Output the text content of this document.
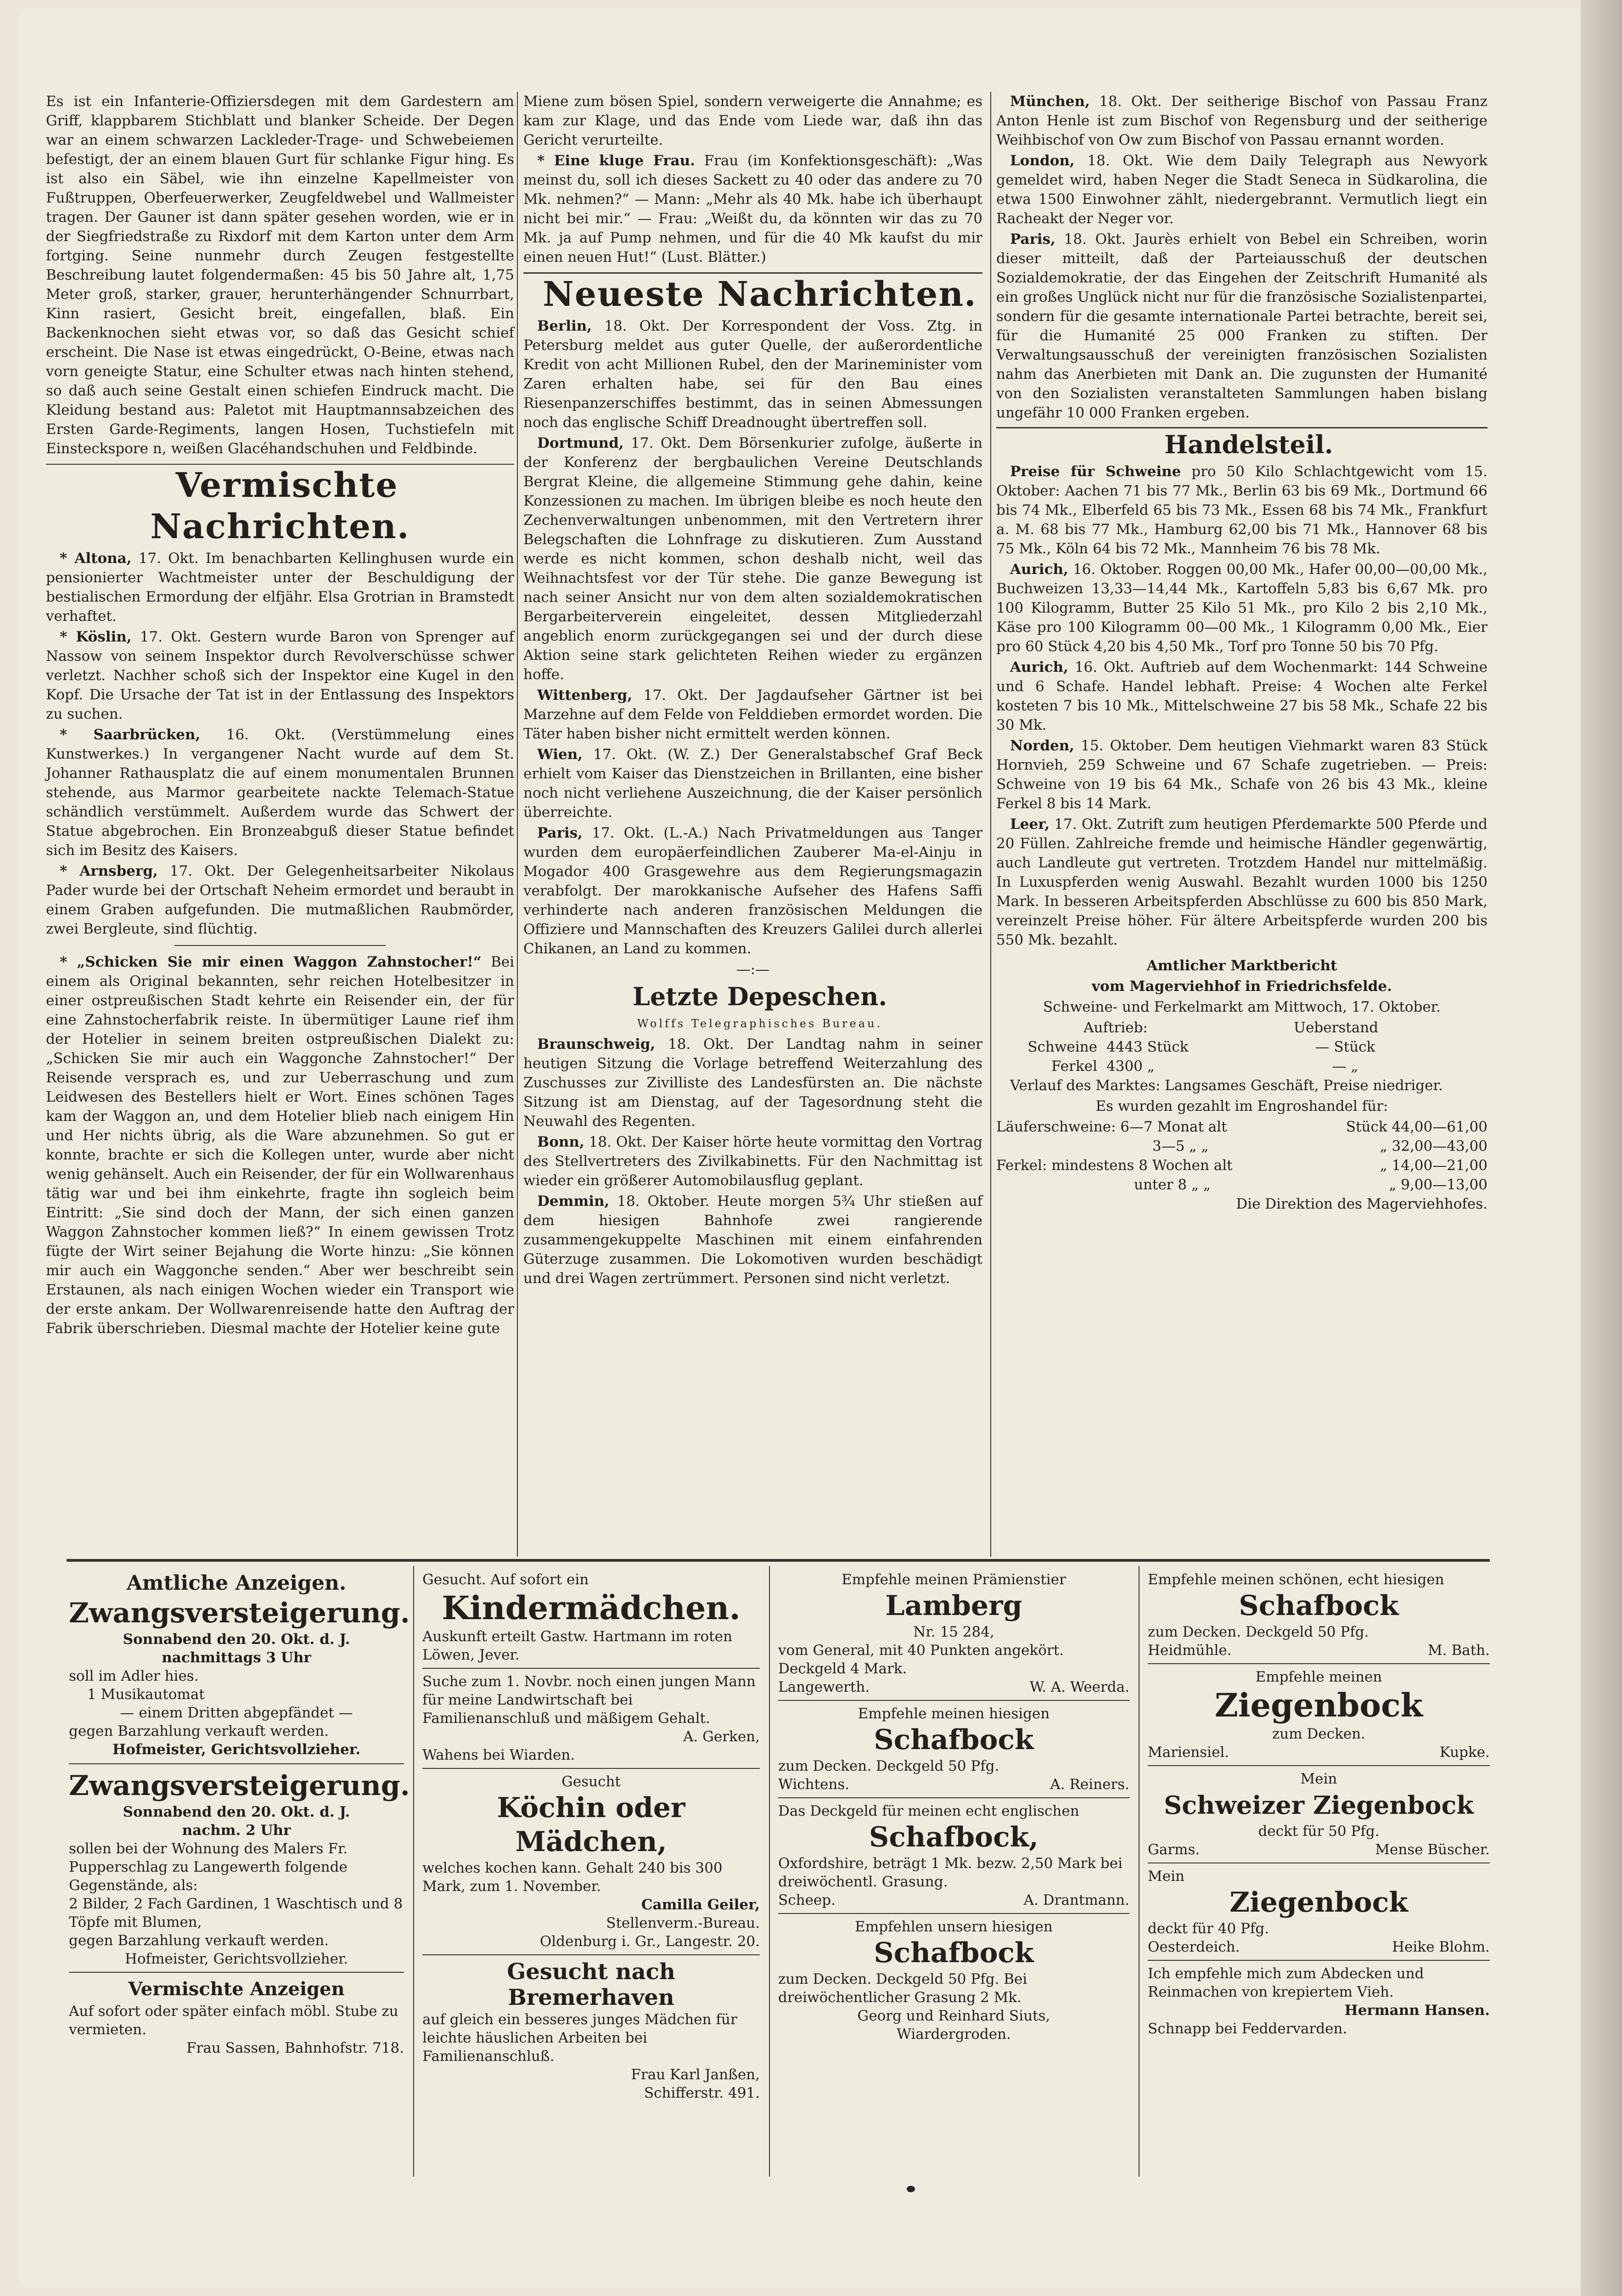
Es ist ein Infanterie-Offiziersdegen mit dem Gardestern am Griff, klappbarem Stichblatt und blanker Scheide. Der Degen war an einem schwarzen Lackleder-Trage- und Schwebeiemen befestigt, der an einem blauen Gurt für schlanke Figur hing. Es ist also ein Säbel, wie ihn einzelne Kapellmeister von Fußtruppen, Oberfeuerwerker, Zeugfeldwebel und Wallmeister tragen. Der Gauner ist dann später gesehen worden, wie er in der Siegfriedstraße zu Rixdorf mit dem Karton unter dem Arm fortging. Seine nunmehr durch Zeugen festgestellte Beschreibung lautet folgendermaßen: 45 bis 50 Jahre alt, 1,75 Meter groß, starker, grauer, herunterhängender Schnurrbart, Kinn rasiert, Gesicht breit, eingefallen, blaß. Ein Backenknochen sieht etwas vor, so daß das Gesicht schief erscheint. Die Nase ist etwas eingedrückt, O-Beine, etwas nach vorn geneigte Statur, eine Schulter etwas nach hinten stehend, so daß auch seine Gestalt einen schiefen Eindruck macht. Die Kleidung bestand aus: Paletot mit Hauptmannsabzeichen des Ersten Garde-Regiments, langen Hosen, Tuchstiefeln mit Einsteckspore n, weißen Glacéhandschuhen und Feldbinde.

Vermischte Nachrichten.

* Altona, 17. Okt. Im benachbarten Kellinghusen wurde ein pensionierter Wachtmeister unter der Beschuldigung der bestialischen Ermordung der elfjähr. Elsa Grotrian in Bramstedt verhaftet.

* Köslin, 17. Okt. Gestern wurde Baron von Sprenger auf Nassow von seinem Inspektor durch Revolverschüsse schwer verletzt. Nachher schoß sich der Inspektor eine Kugel in den Kopf. Die Ursache der Tat ist in der Entlassung des Inspektors zu suchen.

* Saarbrücken, 16. Okt. (Verstümmelung eines Kunstwerkes.) In vergangener Nacht wurde auf dem St. Johanner Rathausplatz die auf einem monumentalen Brunnen stehende, aus Marmor gearbeitete nackte Telemach-Statue schändlich verstümmelt. Außerdem wurde das Schwert der Statue abgebrochen. Ein Bronzeabguß dieser Statue befindet sich im Besitz des Kaisers.

* Arnsberg, 17. Okt. Der Gelegenheitsarbeiter Nikolaus Pader wurde bei der Ortschaft Neheim ermordet und beraubt in einem Graben aufgefunden. Die mutmaßlichen Raubmörder, zwei Bergleute, sind flüchtig.

* „Schicken Sie mir einen Waggon Zahnstocher!“ Bei einem als Original bekannten, sehr reichen Hotelbesitzer in einer ostpreußischen Stadt kehrte ein Reisender ein, der für eine Zahnstocherfabrik reiste. In übermütiger Laune rief ihm der Hotelier in seinem breiten ostpreußischen Dialekt zu: „Schicken Sie mir auch ein Waggonche Zahnstocher!“ Der Reisende versprach es, und zur Ueberraschung und zum Leidwesen des Bestellers hielt er Wort. Eines schönen Tages kam der Waggon an, und dem Hotelier blieb nach einigem Hin und Her nichts übrig, als die Ware abzunehmen. So gut er konnte, brachte er sich die Kollegen unter, wurde aber nicht wenig gehänselt. Auch ein Reisender, der für ein Wollwarenhaus tätig war und bei ihm einkehrte, fragte ihn sogleich beim Eintritt: „Sie sind doch der Mann, der sich einen ganzen Waggon Zahnstocher kommen ließ?“ In einem gewissen Trotz fügte der Wirt seiner Bejahung die Worte hinzu: „Sie können mir auch ein Waggonche senden.“ Aber wer beschreibt sein Erstaunen, als nach einigen Wochen wieder ein Transport wie der erste ankam. Der Wollwarenreisende hatte den Auftrag der Fabrik überschrieben. Diesmal machte der Hotelier keine gute

Miene zum bösen Spiel, sondern verweigerte die Annahme; es kam zur Klage, und das Ende vom Liede war, daß ihn das Gericht verurteilte.

* Eine kluge Frau. Frau (im Konfektionsgeschäft): „Was meinst du, soll ich dieses Sackett zu 40 oder das andere zu 70 Mk. nehmen?“ — Mann: „Mehr als 40 Mk. habe ich überhaupt nicht bei mir.“ — Frau: „Weißt du, da könnten wir das zu 70 Mk. ja auf Pump nehmen, und für die 40 Mk kaufst du mir einen neuen Hut!“ (Lust. Blätter.)

Neueste Nachrichten.

Berlin, 18. Okt. Der Korrespondent der Voss. Ztg. in Petersburg meldet aus guter Quelle, der außerordentliche Kredit von acht Millionen Rubel, den der Marineminister vom Zaren erhalten habe, sei für den Bau eines Riesenpanzerschiffes bestimmt, das in seinen Abmessungen noch das englische Schiff Dreadnought übertreffen soll.

Dortmund, 17. Okt. Dem Börsenkurier zufolge, äußerte in der Konferenz der bergbaulichen Vereine Deutschlands Bergrat Kleine, die allgemeine Stimmung gehe dahin, keine Konzessionen zu machen. Im übrigen bleibe es noch heute den Zechenverwaltungen unbenommen, mit den Vertretern ihrer Belegschaften die Lohnfrage zu diskutieren. Zum Ausstand werde es nicht kommen, schon deshalb nicht, weil das Weihnachtsfest vor der Tür stehe. Die ganze Bewegung ist nach seiner Ansicht nur von dem alten sozialdemokratischen Bergarbeiterverein eingeleitet, dessen Mitgliederzahl angeblich enorm zurückgegangen sei und der durch diese Aktion seine stark gelichteten Reihen wieder zu ergänzen hoffe.

Wittenberg, 17. Okt. Der Jagdaufseher Gärtner ist bei Marzehne auf dem Felde von Felddieben ermordet worden. Die Täter haben bisher nicht ermittelt werden können.

Wien, 17. Okt. (W. Z.) Der Generalstabschef Graf Beck erhielt vom Kaiser das Dienstzeichen in Brillanten, eine bisher noch nicht verliehene Auszeichnung, die der Kaiser persönlich überreichte.

Paris, 17. Okt. (L.-A.) Nach Privatmeldungen aus Tanger wurden dem europäerfeindlichen Zauberer Ma-el-Ainju in Mogador 400 Grasgewehre aus dem Regierungsmagazin verabfolgt. Der marokkanische Aufseher des Hafens Saffi verhinderte nach anderen französischen Meldungen die Offiziere und Mannschaften des Kreuzers Galilei durch allerlei Chikanen, an Land zu kommen.

—:—

Letzte Depeschen.

Wolffs Telegraphisches Bureau.

Braunschweig, 18. Okt. Der Landtag nahm in seiner heutigen Sitzung die Vorlage betreffend Weiterzahlung des Zuschusses zur Zivilliste des Landesfürsten an. Die nächste Sitzung ist am Dienstag, auf der Tagesordnung steht die Neuwahl des Regenten.

Bonn, 18. Okt. Der Kaiser hörte heute vormittag den Vortrag des Stellvertreters des Zivilkabinetts. Für den Nachmittag ist wieder ein größerer Automobilausflug geplant.

Demmin, 18. Oktober. Heute morgen 5¾ Uhr stießen auf dem hiesigen Bahnhofe zwei rangierende zusammengekuppelte Maschinen mit einem einfahrenden Güterzuge zusammen. Die Lokomotiven wurden beschädigt und drei Wagen zertrümmert. Personen sind nicht verletzt.

München, 18. Okt. Der seitherige Bischof von Passau Franz Anton Henle ist zum Bischof von Regensburg und der seitherige Weihbischof von Ow zum Bischof von Passau ernannt worden.

London, 18. Okt. Wie dem Daily Telegraph aus Newyork gemeldet wird, haben Neger die Stadt Seneca in Südkarolina, die etwa 1500 Einwohner zählt, niedergebrannt. Vermutlich liegt ein Racheakt der Neger vor.

Paris, 18. Okt. Jaurès erhielt von Bebel ein Schreiben, worin dieser mitteilt, daß der Parteiausschuß der deutschen Sozialdemokratie, der das Eingehen der Zeitschrift Humanité als ein großes Unglück nicht nur für die französische Sozialistenpartei, sondern für die gesamte internationale Partei betrachte, bereit sei, für die Humanité 25 000 Franken zu stiften. Der Verwaltungsausschuß der vereinigten französischen Sozialisten nahm das Anerbieten mit Dank an. Die zugunsten der Humanité von den Sozialisten veranstalteten Sammlungen haben bislang ungefähr 10 000 Franken ergeben.

Handelsteil.

Preise für Schweine pro 50 Kilo Schlachtgewicht vom 15. Oktober: Aachen 71 bis 77 Mk., Berlin 63 bis 69 Mk., Dortmund 66 bis 74 Mk., Elberfeld 65 bis 73 Mk., Essen 68 bis 74 Mk., Frankfurt a. M. 68 bis 77 Mk., Hamburg 62,00 bis 71 Mk., Hannover 68 bis 75 Mk., Köln 64 bis 72 Mk., Mannheim 76 bis 78 Mk.

Aurich, 16. Oktober. Roggen 00,00 Mk., Hafer 00,00—00,00 Mk., Buchweizen 13,33—14,44 Mk., Kartoffeln 5,83 bis 6,67 Mk. pro 100 Kilogramm, Butter 25 Kilo 51 Mk., pro Kilo 2 bis 2,10 Mk., Käse pro 100 Kilogramm 00—00 Mk., 1 Kilogramm 0,00 Mk., Eier pro 60 Stück 4,20 bis 4,50 Mk., Torf pro Tonne 50 bis 70 Pfg.

Aurich, 16. Okt. Auftrieb auf dem Wochenmarkt: 144 Schweine und 6 Schafe. Handel lebhaft. Preise: 4 Wochen alte Ferkel kosteten 7 bis 10 Mk., Mittelschweine 27 bis 58 Mk., Schafe 22 bis 30 Mk.

Norden, 15. Oktober. Dem heutigen Viehmarkt waren 83 Stück Hornvieh, 259 Schweine und 67 Schafe zugetrieben. — Preis: Schweine von 19 bis 64 Mk., Schafe von 26 bis 43 Mk., kleine Ferkel 8 bis 14 Mark.

Leer, 17. Okt. Zutrift zum heutigen Pferdemarkte 500 Pferde und 20 Füllen. Zahlreiche fremde und heimische Händler gegenwärtig, auch Landleute gut vertreten. Trotzdem Handel nur mittelmäßig. In Luxuspferden wenig Auswahl. Bezahlt wurden 1000 bis 1250 Mark. In besseren Arbeitspferden Abschlüsse zu 600 bis 850 Mark, vereinzelt Preise höher. Für ältere Arbeitspferde wurden 200 bis 550 Mk. bezahlt.

Amtlicher Marktbericht

vom Magerviehhof in Friedrichsfelde.

Schweine- und Ferkelmarkt am Mittwoch, 17. Oktober.

Auftrieb:	Ueberstand
Schweine 4443 Stück	— Stück
Ferkel 4300 „	— „

Verlauf des Marktes: Langsames Geschäft, Preise niedriger.

Es wurden gezahlt im Engroshandel für:

Läuferschweine: 6—7 Monat alt	Stück 44,00—61,00
3—5 „ „	„ 32,00—43,00
Ferkel: mindestens 8 Wochen alt	„ 14,00—21,00
unter 8 „ „	„ 9,00—13,00

Die Direktion des Magerviehhofes.

Amtliche Anzeigen.
Zwangsversteigerung.
Sonnabend den 20. Okt. d. J.
nachmittags 3 Uhr
soll im Adler hies.
1 Musikautomat
— einem Dritten abgepfändet —
gegen Barzahlung verkauft werden.
Hofmeister, Gerichtsvollzieher.
Zwangsversteigerung.
Sonnabend den 20. Okt. d. J.
nachm. 2 Uhr
sollen bei der Wohnung des Malers Fr. Pupperschlag zu Langewerth folgende Gegenstände, als:
2 Bilder, 2 Fach Gardinen, 1 Waschtisch und 8 Töpfe mit Blumen,
gegen Barzahlung verkauft werden.
Hofmeister, Gerichtsvollzieher.
Vermischte Anzeigen
Auf sofort oder später einfach möbl. Stube zu vermieten.
Frau Sassen, Bahnhofstr. 718.
Gesucht. Auf sofort ein
Kindermädchen.
Auskunft erteilt Gastw. Hartmann im roten Löwen, Jever.
Suche zum 1. Novbr. noch einen jungen Mann für meine Landwirtschaft bei Familienanschluß und mäßigem Gehalt.
A. Gerken,
Wahens bei Wiarden.
Gesucht
Köchin oder Mädchen,
welches kochen kann. Gehalt 240 bis 300 Mark, zum 1. November.
Camilla Geiler,
Stellenverm.-Bureau.
Oldenburg i. Gr., Langestr. 20.
Gesucht nach Bremerhaven
auf gleich ein besseres junges Mädchen für leichte häuslichen Arbeiten bei Familienanschluß.
Frau Karl Janßen,
Schifferstr. 491.
Empfehle meinen Prämienstier
Lamberg
Nr. 15 284,
vom General, mit 40 Punkten angekört. Deckgeld 4 Mark.
Langewerth.	W. A. Weerda.
Empfehle meinen hiesigen
Schafbock
zum Decken. Deckgeld 50 Pfg.
Wichtens.	A. Reiners.
Das Deckgeld für meinen echt englischen
Schafbock,
Oxfordshire, beträgt 1 Mk. bezw. 2,50 Mark bei dreiwöchentl. Grasung.
Scheep.	A. Drantmann.
Empfehlen unsern hiesigen
Schafbock
zum Decken. Deckgeld 50 Pfg. Bei dreiwöchentlicher Grasung 2 Mk.
Georg und Reinhard Siuts,
Wiardergroden.
Empfehle meinen schönen, echt hiesigen
Schafbock
zum Decken. Deckgeld 50 Pfg.
Heidmühle.	M. Bath.
Empfehle meinen
Ziegenbock
zum Decken.
Mariensiel.	Kupke.
Mein
Schweizer Ziegenbock
deckt für 50 Pfg.
Garms.	Mense Büscher.
Mein
Ziegenbock
deckt für 40 Pfg.
Oesterdeich.	Heike Blohm.
Ich empfehle mich zum Abdecken und Reinmachen von krepiertem Vieh.
Hermann Hansen.
Schnapp bei Feddervarden.
